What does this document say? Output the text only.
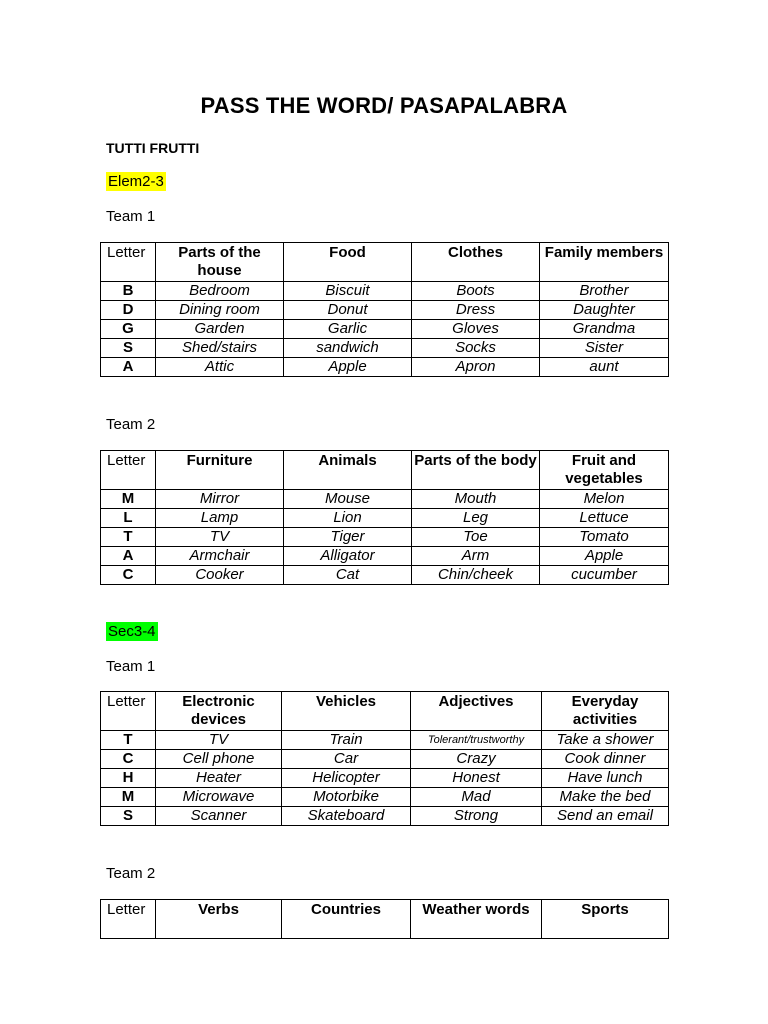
PASS THE WORD/ PASAPALABRA
TUTTI FRUTTI
Elem2-3
Team 1
Letter	Parts of the house	Food	Clothes	Family members
B	Bedroom	Biscuit	Boots	Brother
D	Dining room	Donut	Dress	Daughter
G	Garden	Garlic	Gloves	Grandma
S	Shed/stairs	sandwich	Socks	Sister
A	Attic	Apple	Apron	aunt
Team 2
Letter	Furniture	Animals	Parts of the body	Fruit and vegetables
M	Mirror	Mouse	Mouth	Melon
L	Lamp	Lion	Leg	Lettuce
T	TV	Tiger	Toe	Tomato
A	Armchair	Alligator	Arm	Apple
C	Cooker	Cat	Chin/cheek	cucumber
Sec3-4
Team 1
Letter	Electronic devices	Vehicles	Adjectives	Everyday activities
T	TV	Train	Tolerant/trustworthy	Take a shower
C	Cell phone	Car	Crazy	Cook dinner
H	Heater	Helicopter	Honest	Have lunch
M	Microwave	Motorbike	Mad	Make the bed
S	Scanner	Skateboard	Strong	Send an email
Team 2
Letter	Verbs	Countries	Weather words	Sports
